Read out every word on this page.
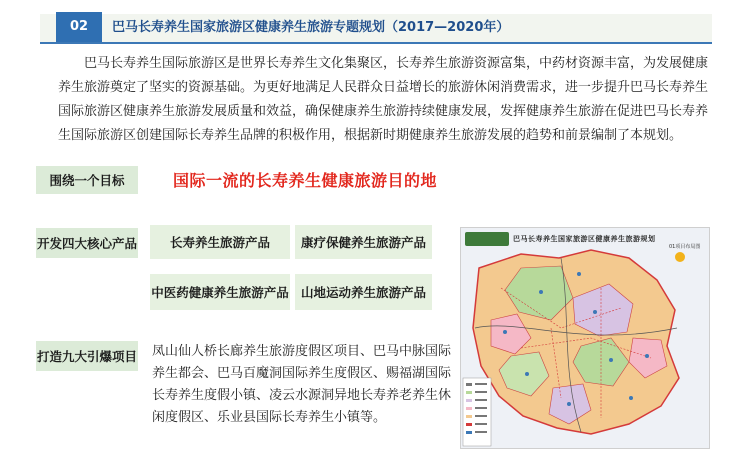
02	巴马长寿养生国家旅游区健康养生旅游专题规划（2017—2020年）

巴马长寿养生国际旅游区是世界长寿养生文化集聚区，长寿养生旅游资源富集，中药材资源丰富，为发展健康养生旅游奠定了坚实的资源基础。为更好地满足人民群众日益增长的旅游休闲消费需求，进一步提升巴马长寿养生国际旅游区健康养生旅游发展质量和效益，确保健康养生旅游持续健康发展，发挥健康养生旅游在促进巴马长寿养生国际旅游区创建国际长寿养生品牌的积极作用，根据新时期健康养生旅游发展的趋势和前景编制了本规划。

围绕一个目标	国际一流的长寿养生健康旅游目的地
开发四大核心产品	长寿养生旅游产品	康疗保健养生旅游产品
中医药健康养生旅游产品 山地运动养生旅游产品
打造九大引爆项目 凤山仙人桥长廊养生旅游度假区项目、巴马中脉国际养生都会、巴马百魔洞国际养生度假区、赐福湖国际长寿养生度假小镇、凌云水源洞异地长寿养老养生休闲度假区、乐业县国际长寿养生小镇等。

巴马长寿养生国家旅游区健康养生旅游规划
01项目布局图
